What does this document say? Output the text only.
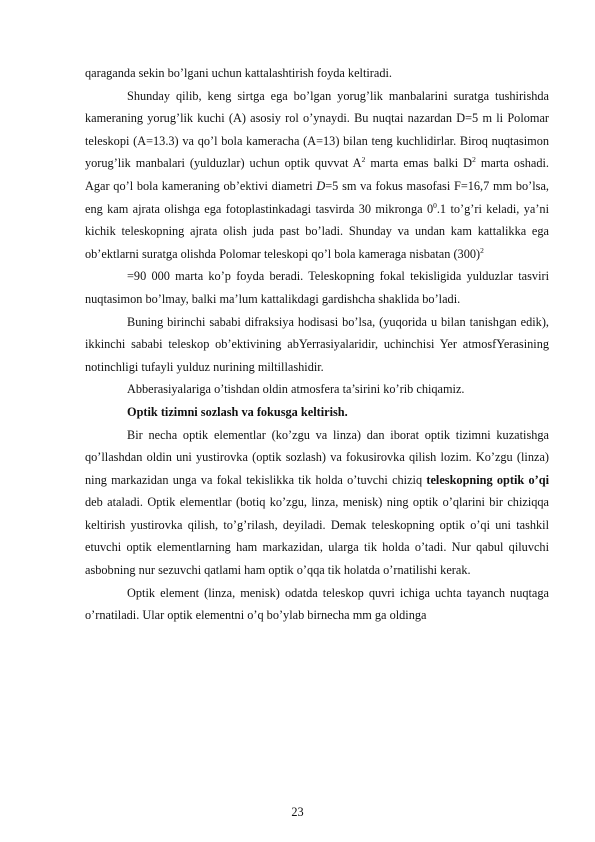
qaraganda sekin bo’lgani uchun kattalashtirish foyda keltiradi.

Shunday qilib, keng sirtga ega bo’lgan yorug’lik manbalarini suratga tushirishda kameraning yorug’lik kuchi (A) asosiy rol o’ynaydi. Bu nuqtai nazardan D=5 m li Polomar teleskopi (A=13.3) va qo’l bola kameracha (A=13) bilan teng kuchlidirlar. Biroq nuqtasimon yorug’lik manbalari (yulduzlar) uchun optik quvvat $A^2$ marta emas balki $D^2$ marta oshadi. Agar qo’l bola kameraning ob’ektivi diametri D=5 sm va fokus masofasi F=16,7 mm bo’lsa, eng kam ajrata olishga ega fotoplastinkadagi tasvirda 30 mikronga $0^0.1$ to’g’ri keladi, ya’ni kichik teleskopning ajrata olish juda past bo’ladi. Shunday va undan kam kattalikka ega ob’ektlarni suratga olishda Polomar teleskopi qo’l bola kameraga nisbatan $(300)^2$

=90 000 marta ko’p foyda beradi. Teleskopning fokal tekisligida yulduzlar tasviri nuqtasimon bo’lmay, balki ma’lum kattalikdagi gardishcha shaklida bo’ladi.

Buning birinchi sababi difraksiya hodisasi bo’lsa, (yuqorida u bilan tanishgan edik), ikkinchi sababi teleskop ob’ektivining abYerrasiyalaridir, uchinchisi Yer atmosfYerasining notinchligi tufayli yulduz nurining miltillashidir.

Abberasiyalariga o’tishdan oldin atmosfera ta’sirini ko’rib chiqamiz.

Optik tizimni sozlash va fokusga keltirish.

Bir necha optik elementlar (ko’zgu va linza) dan iborat optik tizimni kuzatishga qo’llashdan oldin uni yustirovka (optik sozlash) va fokusirovka qilish lozim. Ko’zgu (linza) ning markazidan unga va fokal tekislikka tik holda o’tuvchi chiziq teleskopning optik o’qi deb ataladi. Optik elementlar (botiq ko’zgu, linza, menisk) ning optik o’qlarini bir chiziqqa keltirish yustirovka qilish, to’g’rilash, deyiladi. Demak teleskopning optik o’qi uni tashkil etuvchi optik elementlarning ham markazidan, ularga tik holda o’tadi. Nur qabul qiluvchi asbobning nur sezuvchi qatlami ham optik o’qqa tik holatda o’rnatilishi kerak.

Optik element (linza, menisk) odatda teleskop quvri ichiga uchta tayanch nuqtaga o’rnatiladi. Ular optik elementni o’q bo’ylab birnecha mm ga oldinga

23
